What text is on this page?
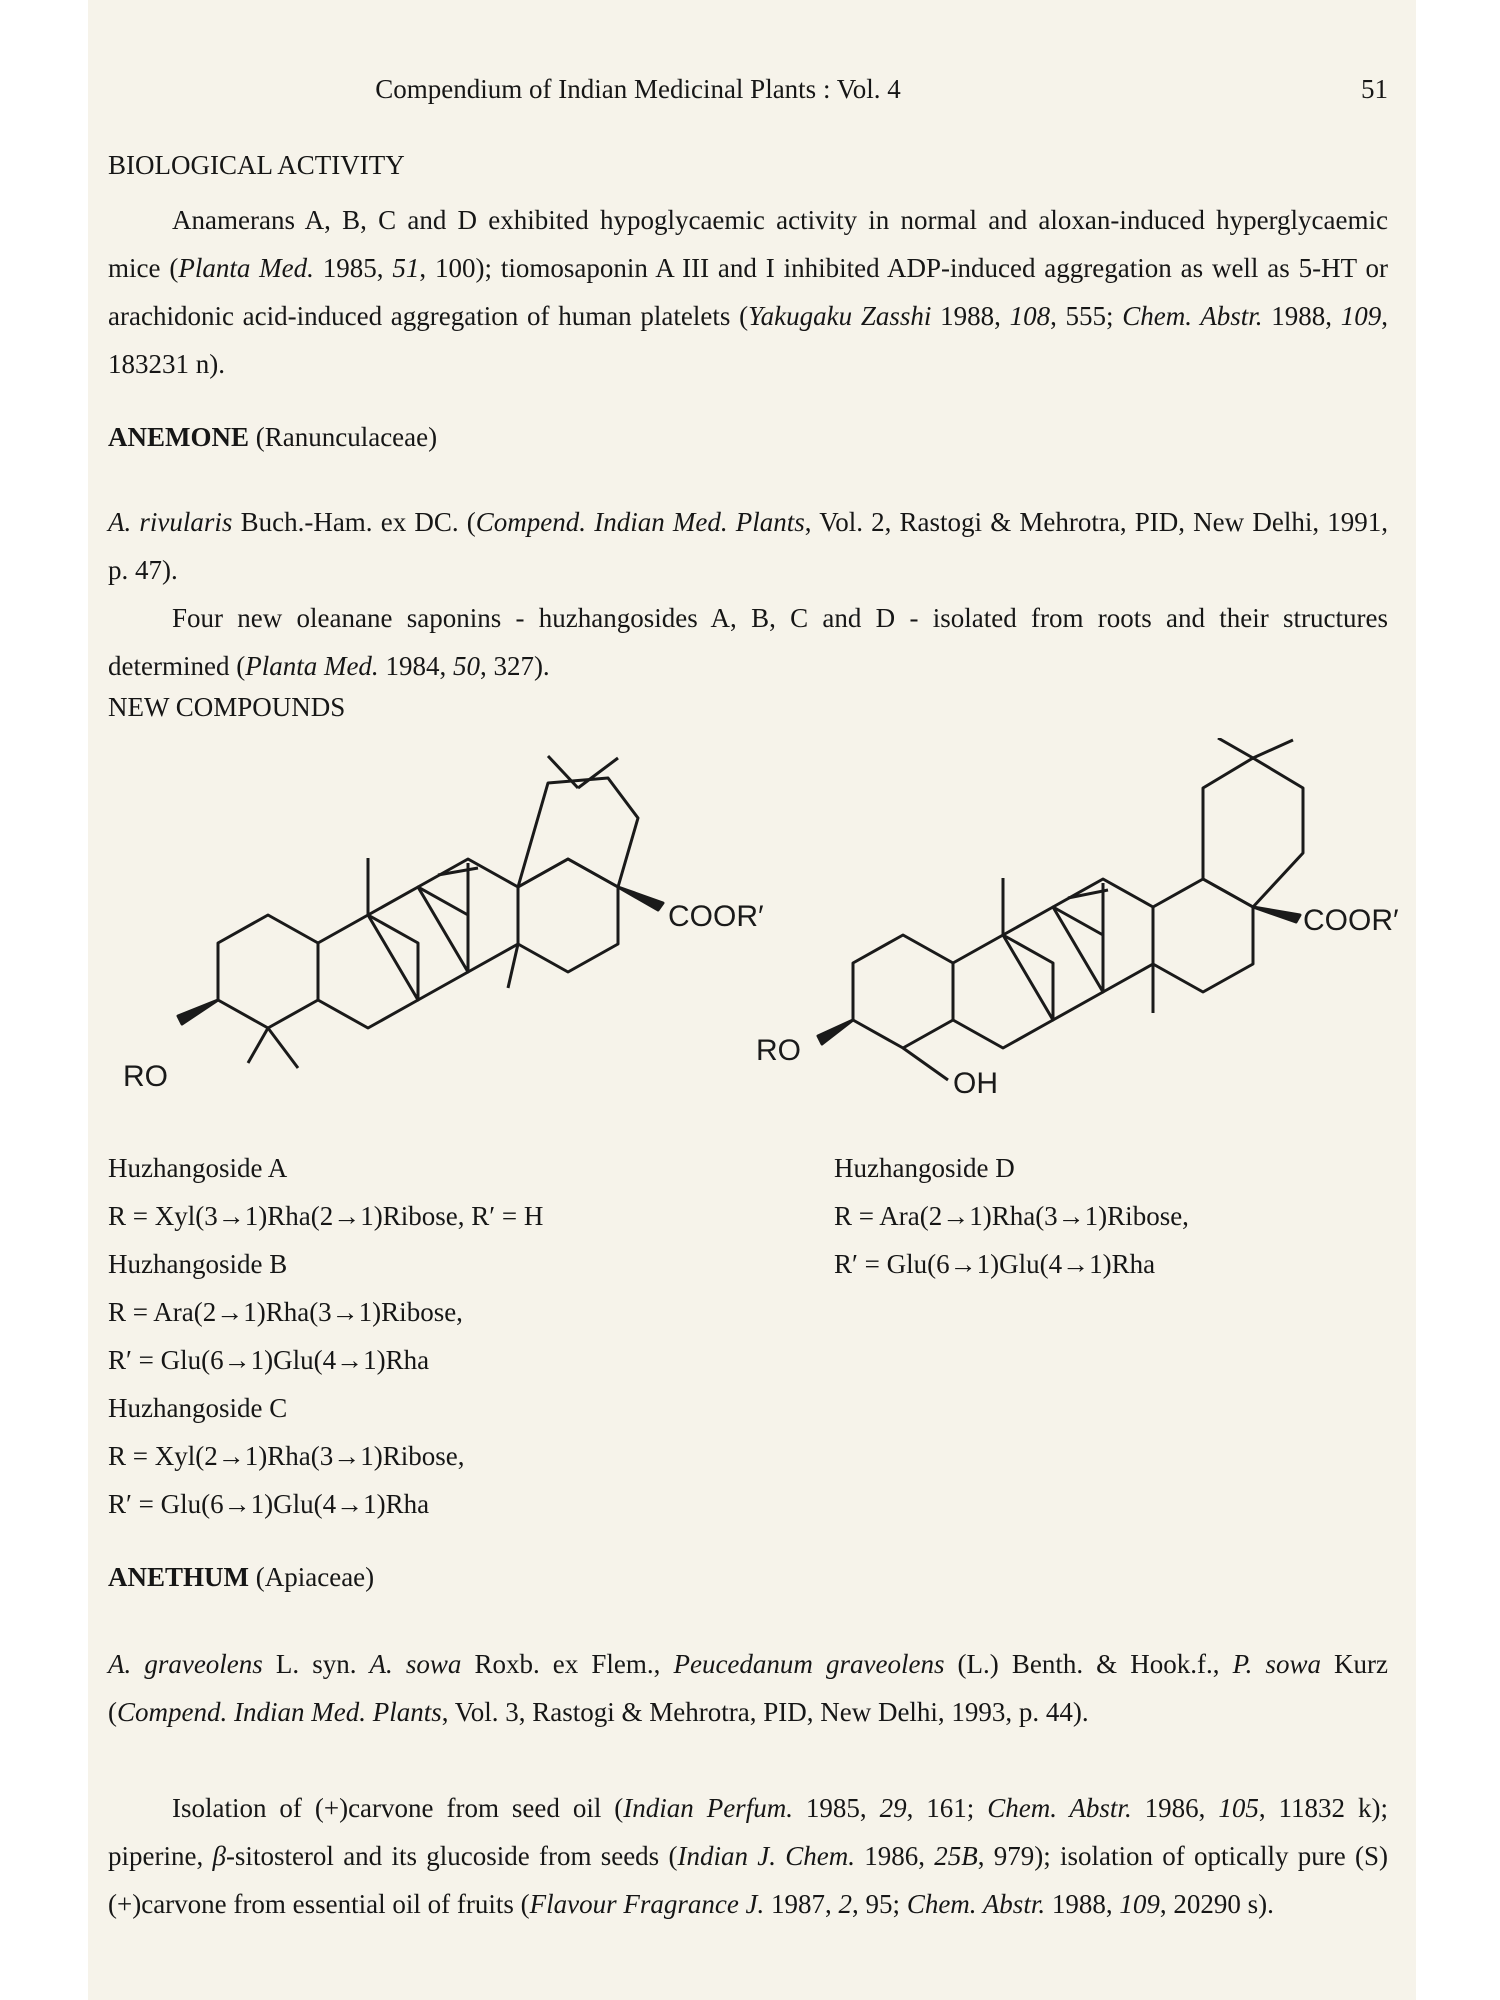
Compendium of Indian Medicinal Plants : Vol. 4	51
BIOLOGICAL ACTIVITY
Anamerans A, B, C and D exhibited hypoglycaemic activity in normal and aloxan-induced hyperglycaemic mice (Planta Med. 1985, 51, 100); tiomosaponin A III and I inhibited ADP-induced aggregation as well as 5-HT or arachidonic acid-induced aggregation of human platelets (Yakugaku Zasshi 1988, 108, 555; Chem. Abstr. 1988, 109, 183231 n).
ANEMONE (Ranunculaceae)
A. rivularis Buch.-Ham. ex DC. (Compend. Indian Med. Plants, Vol. 2, Rastogi & Mehrotra, PID, New Delhi, 1991, p. 47).
Four new oleanane saponins - huzhangosides A, B, C and D - isolated from roots and their structures determined (Planta Med. 1984, 50, 327).
NEW COMPOUNDS
RO
COOR′
RO
COOR′
OH
Huzhangoside A
R = Xyl(3→1)Rha(2→1)Ribose, R′ = H
Huzhangoside B
R = Ara(2→1)Rha(3→1)Ribose,
R′ = Glu(6→1)Glu(4→1)Rha
Huzhangoside C
R = Xyl(2→1)Rha(3→1)Ribose,
R′ = Glu(6→1)Glu(4→1)Rha
Huzhangoside D
R = Ara(2→1)Rha(3→1)Ribose,
R′ = Glu(6→1)Glu(4→1)Rha
ANETHUM (Apiaceae)
A. graveolens L. syn. A. sowa Roxb. ex Flem., Peucedanum graveolens (L.) Benth. & Hook.f., P. sowa Kurz (Compend. Indian Med. Plants, Vol. 3, Rastogi & Mehrotra, PID, New Delhi, 1993, p. 44).
Isolation of (+)carvone from seed oil (Indian Perfum. 1985, 29, 161; Chem. Abstr. 1986, 105, 11832 k); piperine, β-sitosterol and its glucoside from seeds (Indian J. Chem. 1986, 25B, 979); isolation of optically pure (S)(+)carvone from essential oil of fruits (Flavour Fragrance J. 1987, 2, 95; Chem. Abstr. 1988, 109, 20290 s).
